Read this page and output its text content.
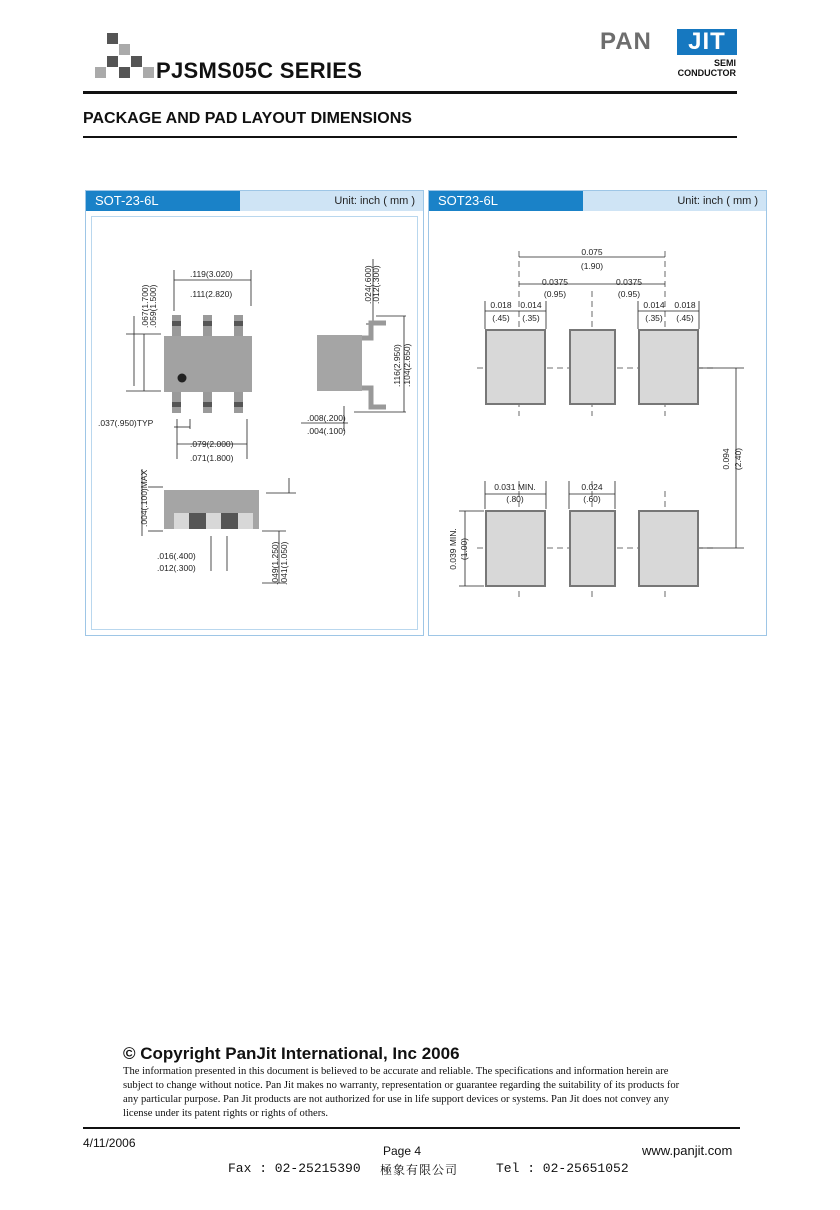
PJSMS05C SERIES
PAN	JIT
SEMI
CONDUCTOR
PACKAGE AND PAD LAYOUT DIMENSIONS
SOT-23-6L	Unit: inch ( mm )
.119(3.020)
.111(2.820)
.067(1.700)
.059(1.500)
.037(.950)TYP
.079(2.000)
.071(1.800)
.024(.600)
.012(.300)
.116(2.950) .104(2.650)
.008(.200)
.004(.100)
.004(.100)MAX
.016(.400)
.012(.300)	.049(1.250) .041(1.050)
SOT23-6L	Unit: inch ( mm )
0.075
(1.90)
0.0375
(0.95)
0.0375
(0.95)
0.018
(.45)
0.014
(.35)
0.014
(.35)
0.018
(.45)
0.031 MIN.
(.80)
0.024
(.60)
0.094 (2.40)
0.039 MIN. (1.00)
© Copyright PanJit International, Inc 2006
The information presented in this document is believed to be accurate and reliable. The specifications and information herein are
subject to change without notice. Pan Jit makes no warranty, representation or guarantee regarding the suitability of its products for
any particular purpose. Pan Jit products are not authorized for use in life support devices or systems. Pan Jit does not convey any
license under its patent rights or rights of others.
4/11/2006
Page 4	www.panjit.com
Fax : 02-25215390 極象有限公司	Tel : 02-25651052
